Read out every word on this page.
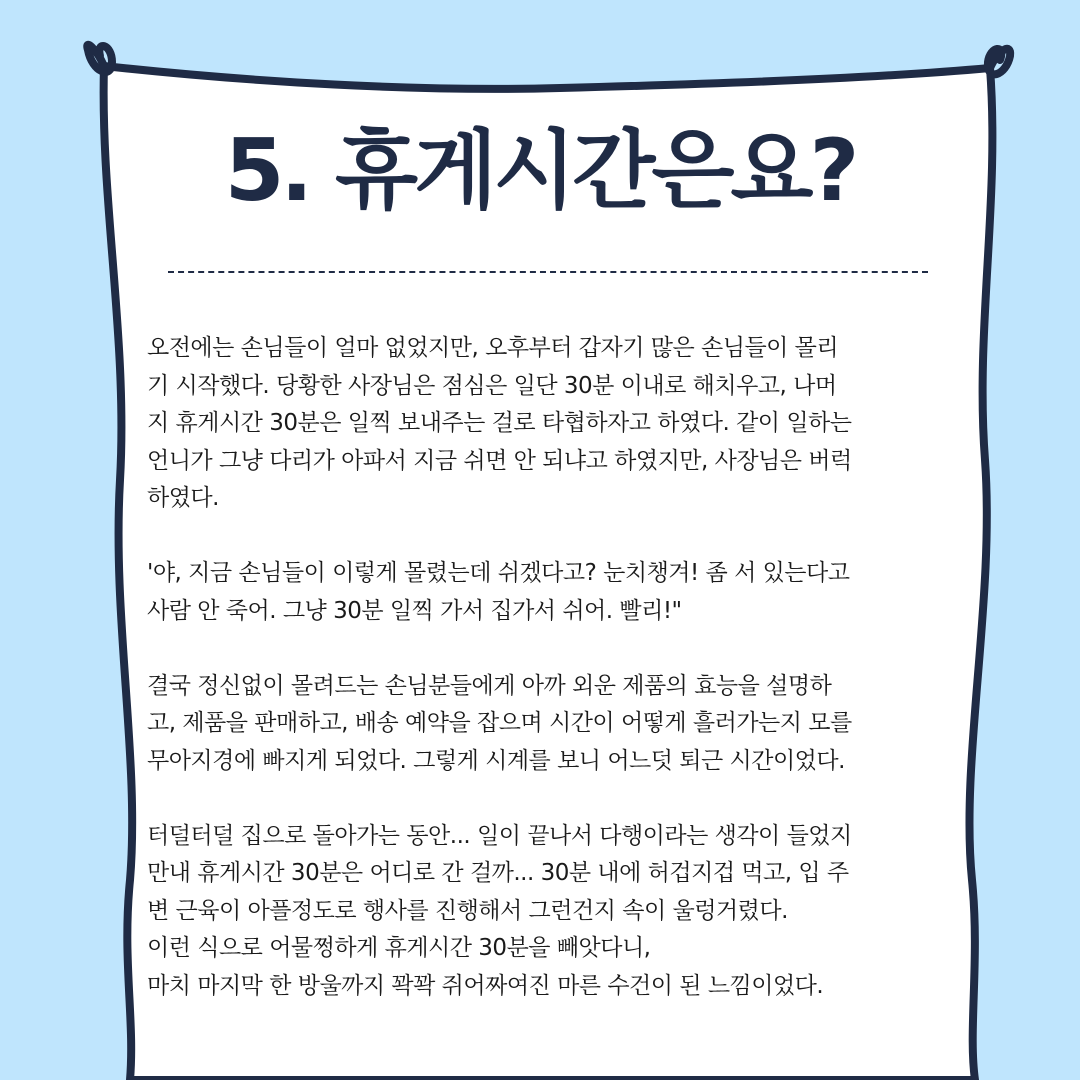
5. 휴게시간은요?

오전에는 손님들이 얼마 없었지만, 오후부터 갑자기 많은 손님들이 몰리
기 시작했다. 당황한 사장님은 점심은 일단 30분 이내로 해치우고, 나머
지 휴게시간 30분은 일찍 보내주는 걸로 타협하자고 하였다. 같이 일하는
언니가 그냥 다리가 아파서 지금 쉬면 안 되냐고 하였지만, 사장님은 버럭
하였다.

'야, 지금 손님들이 이렇게 몰렸는데 쉬겠다고? 눈치챙겨! 좀 서 있는다고
사람 안 죽어. 그냥 30분 일찍 가서 집가서 쉬어. 빨리!"

결국 정신없이 몰려드는 손님분들에게 아까 외운 제품의 효능을 설명하
고, 제품을 판매하고, 배송 예약을 잡으며 시간이 어떻게 흘러가는지 모를
무아지경에 빠지게 되었다. 그렇게 시계를 보니 어느덧 퇴근 시간이었다.

터덜터덜 집으로 돌아가는 동안... 일이 끝나서 다행이라는 생각이 들었지
만내 휴게시간 30분은 어디로 간 걸까... 30분 내에 허겁지겁 먹고, 입 주
변 근육이 아플정도로 행사를 진행해서 그런건지 속이 울렁거렸다.
이런 식으로 어물쩡하게 휴게시간 30분을 빼앗다니,
마치 마지막 한 방울까지 꽉꽉 쥐어짜여진 마른 수건이 된 느낌이었다.
